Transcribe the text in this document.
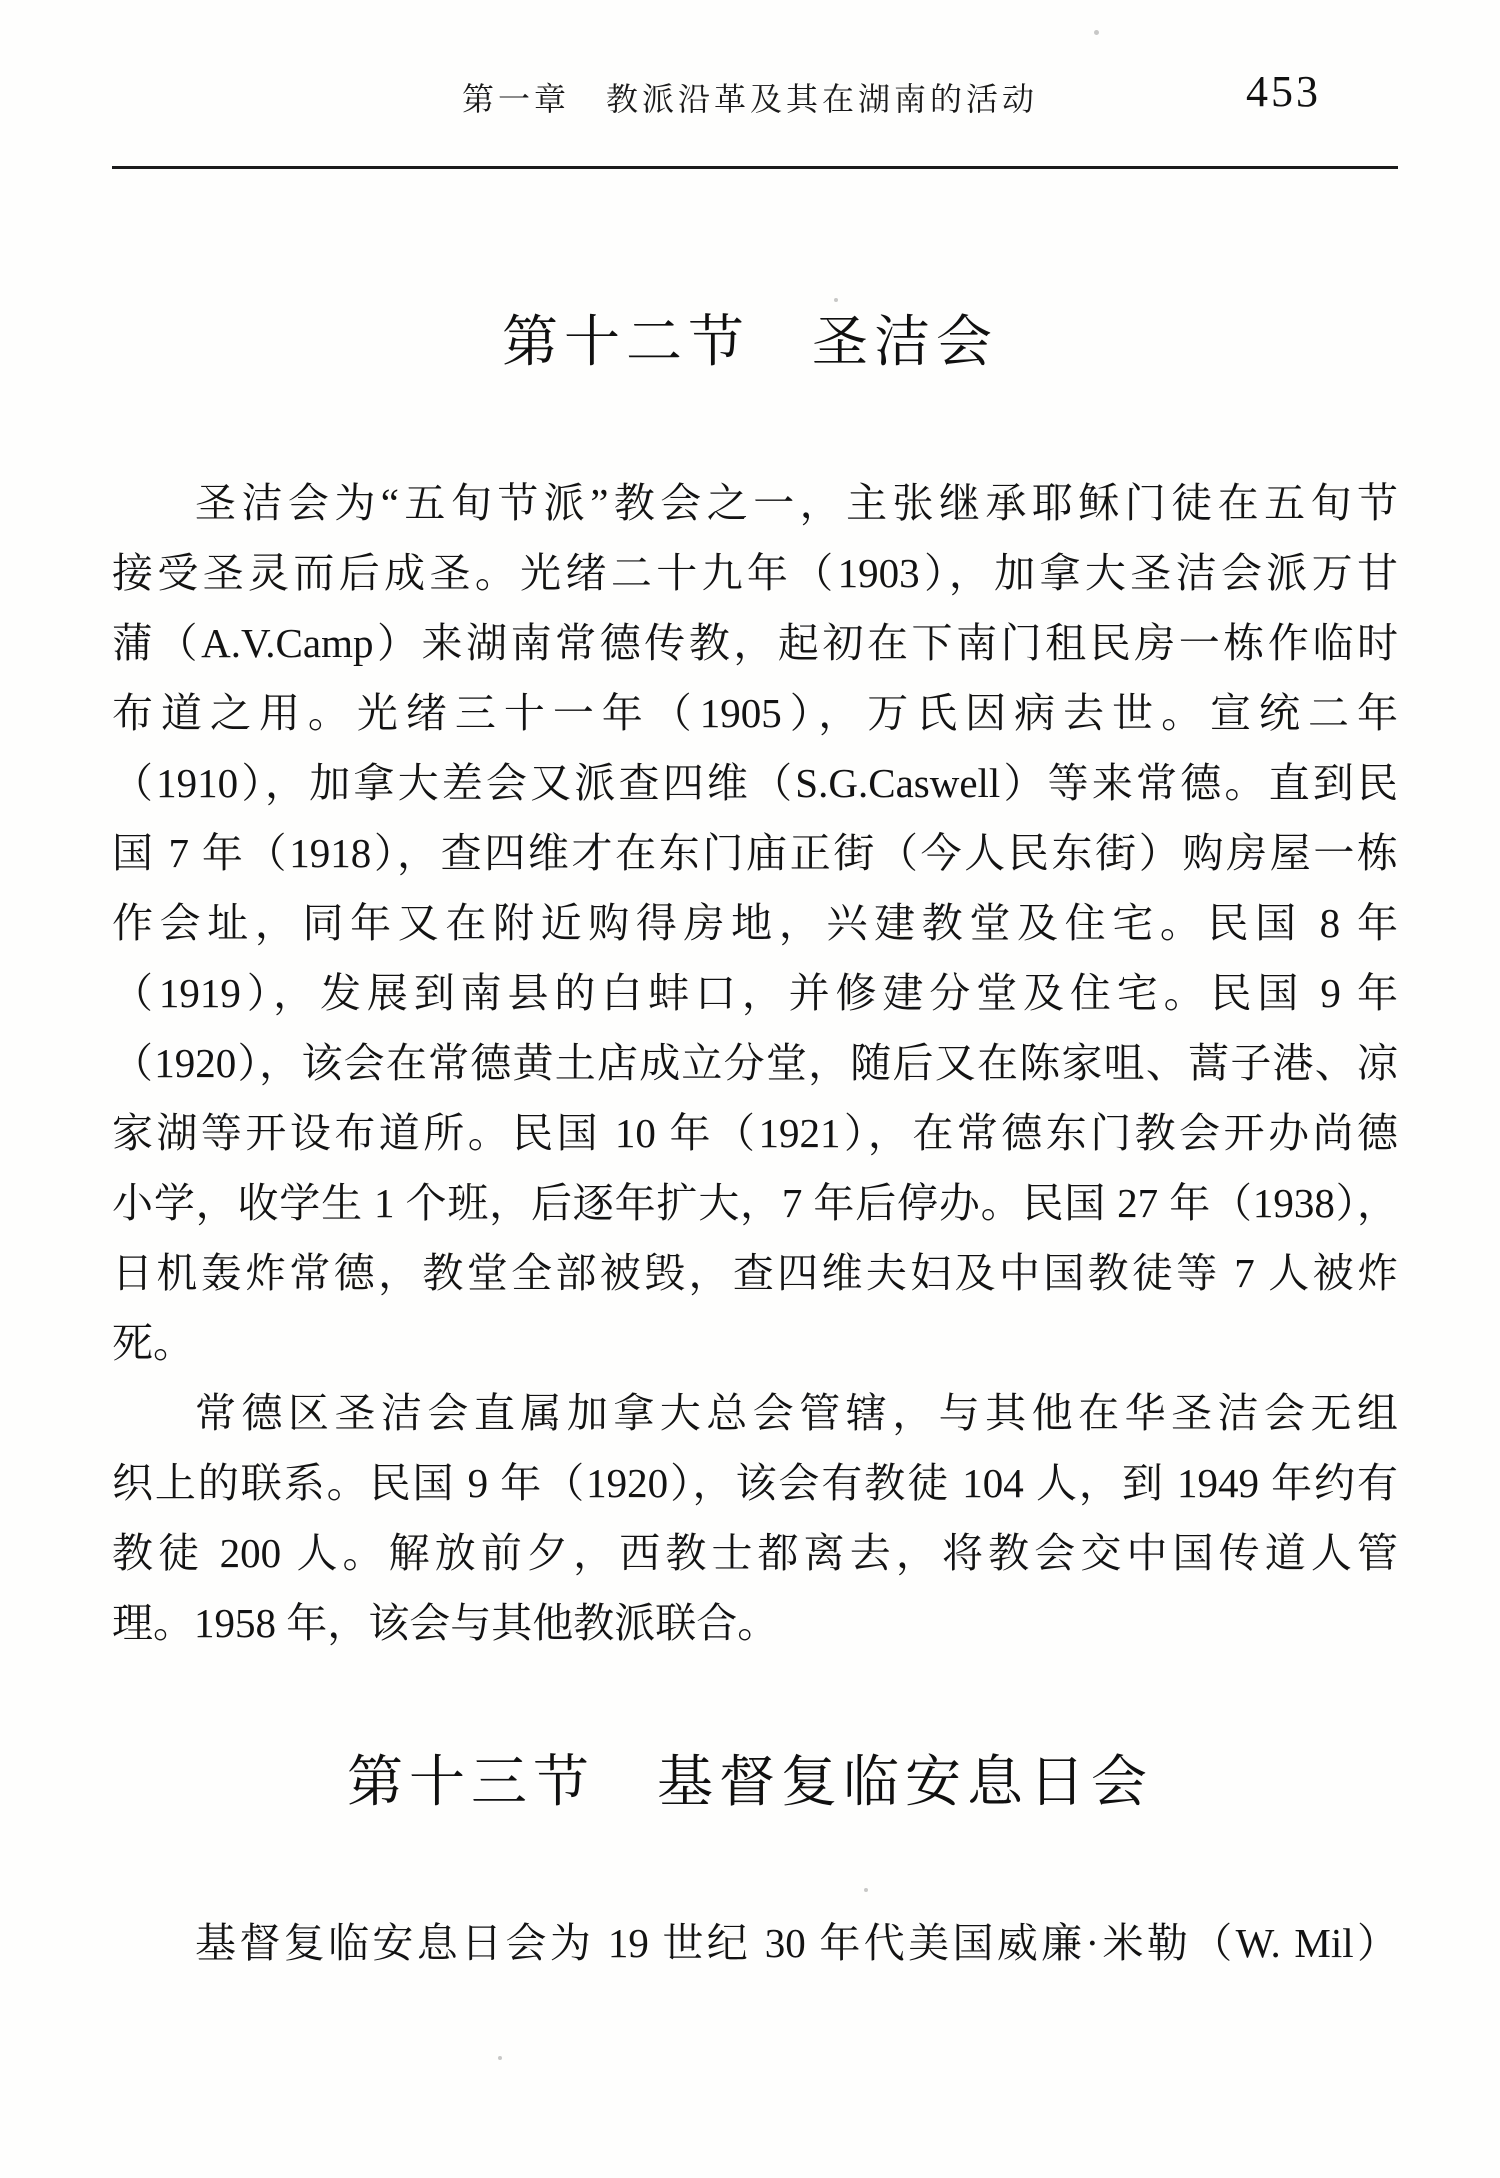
第一章　教派沿革及其在湖南的活动	453
第十二节　圣洁会
圣洁会为“五旬节派”教会之一，主张继承耶稣门徒在五旬节
接受圣灵而后成圣。光绪二十九年（1903），加拿大圣洁会派万甘
蒲（A.V.Camp）来湖南常德传教，起初在下南门租民房一栋作临时
布道之用。光绪三十一年（1905），万氏因病去世。宣统二年
（1910），加拿大差会又派查四维（S.G.Caswell）等来常德。直到民
国 7 年（1918），查四维才在东门庙正街（今人民东街）购房屋一栋
作会址，同年又在附近购得房地，兴建教堂及住宅。民国 8 年
（1919），发展到南县的白蚌口，并修建分堂及住宅。民国 9 年
（1920），该会在常德黄土店成立分堂，随后又在陈家咀、蒿子港、凉
家湖等开设布道所。民国 10 年（1921），在常德东门教会开办尚德
小学，收学生 1 个班，后逐年扩大，7 年后停办。民国 27 年（1938），
日机轰炸常德，教堂全部被毁，查四维夫妇及中国教徒等 7 人被炸
死。
常德区圣洁会直属加拿大总会管辖，与其他在华圣洁会无组
织上的联系。民国 9 年（1920），该会有教徒 104 人，到 1949 年约有
教徒 200 人。解放前夕，西教士都离去，将教会交中国传道人管
理。1958 年，该会与其他教派联合。
第十三节　基督复临安息日会
基督复临安息日会为 19 世纪 30 年代美国威廉·米勒（W. Mil）
